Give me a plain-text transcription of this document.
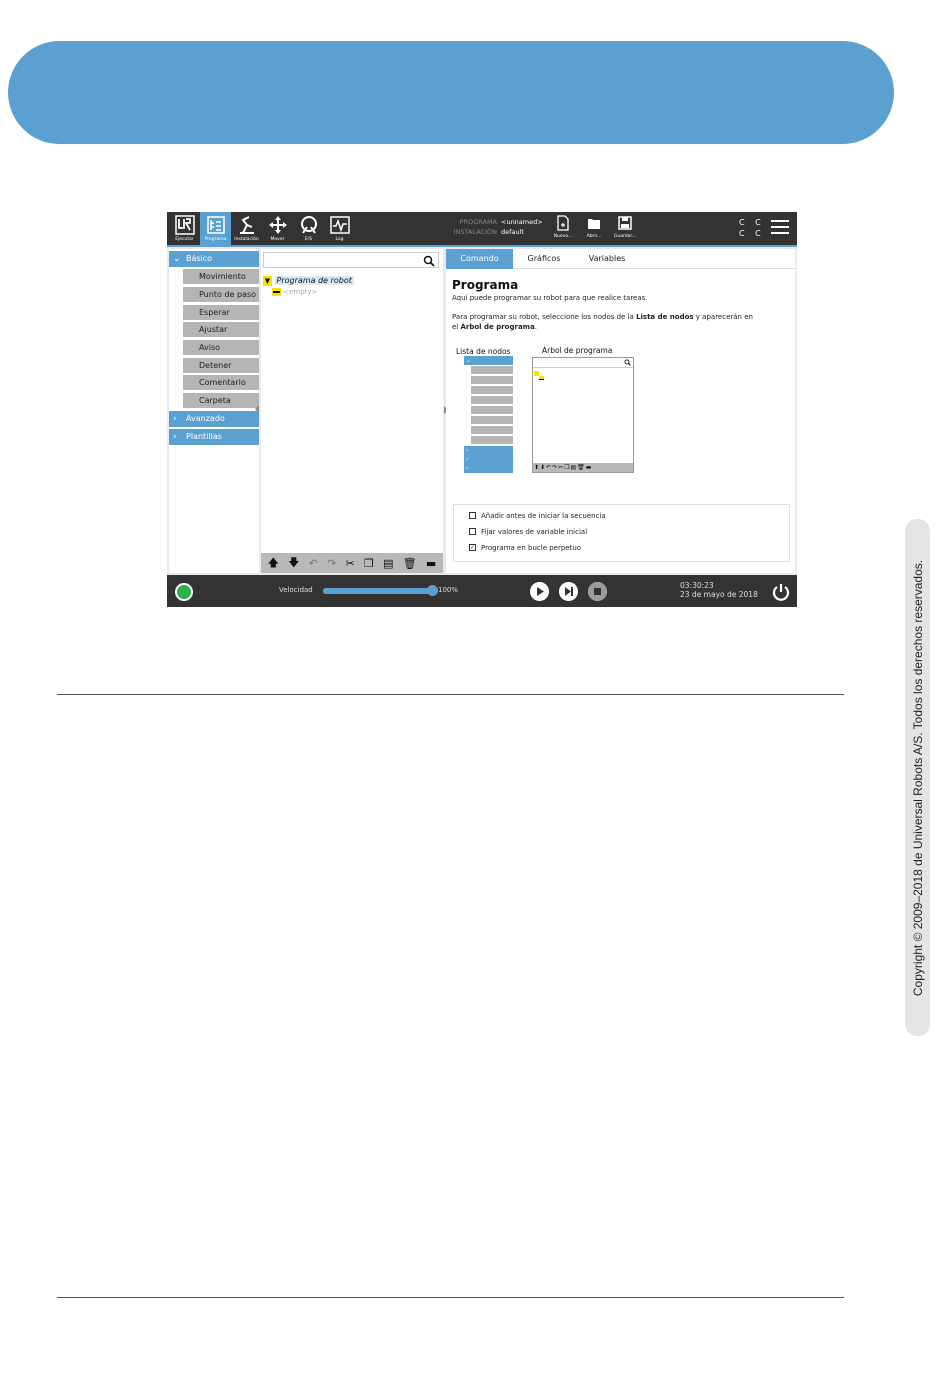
Ejecutar	Programa	Instalación	Mover	E/S	Log
PROGRAMA <unnamed>
INSTALACIÓN default
Nuevo...	Abrir...	Guardar...
C C
C C
⌄ Básico
Movimiento
Punto de paso
Esperar
Ajustar
Aviso
Detener
Comentario
Carpeta
› Avanzado
› Plantillas
▼ Programa de robot
<empty>
🡅 🡇 ↶ ↷ ✂ ❐ ▤ 🗑 ▬
Comando	Gráficos	Variables
Programa
Aquí puede programar su robot para que realice tareas.
Para programar su robot, seleccione los nodos de la Lista de nodos y aparecerán en
el Árbol de programa.
Lista de nodos	Árbol de programa
⌄
›
›
›	⬆⬇↶↷✂❐▤🗑▬
Añadir antes de iniciar la secuencia
Fijar valores de variable inicial
✓ Programa en bucle perpetuo
Velocidad	100%	03:30:23
23 de mayo de 2018	Copyright © 2009–2018 de Universal Robots A/S. Todos los derechos reservados.
